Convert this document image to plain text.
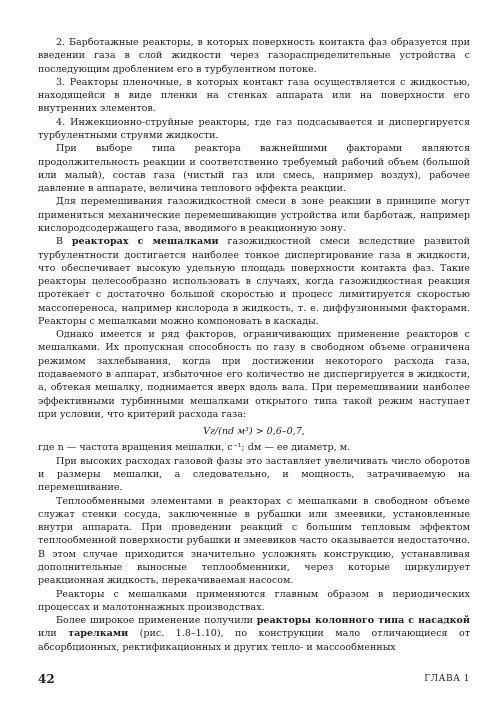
2. Барботажные реакторы, в которых поверхность контакта фаз образуется при введении газа в слой жидкости через газораспределительные устройства с последующим дроблением его в турбулентном потоке.

3. Реакторы пленочные, в которых контакт газа осуществляется с жидкостью, находящейся в виде пленки на стенках аппарата или на поверхности его внутренних элементов.

4. Инжекционно-струйные реакторы, где газ подсасывается и диспергируется турбулентными струями жидкости.

При выборе типа реактора важнейшими факторами являются продолжительность реакции и соответственно требуемый рабочий объем (большой или малый), состав газа (чистый газ или смесь, например воздух), рабочее давление в аппарате, величина теплового эффекта реакции.

Для перемешивания газожидкостной смеси в зоне реакции в принципе могут применяться механические перемешивающие устройства или барботаж, например кислородсодержащего газа, вводимого в реакционную зону.

В реакторах с мешалками газожидкостной смеси вследствие развитой турбулентности достигается наиболее тонкое диспергирование газа в жидкости, что обеспечивает высокую удельную площадь поверхности контакта фаз. Такие реакторы целесообразно использовать в случаях, когда газожидкостная реакция протекает с достаточно большой скоростью и процесс лимитируется скоростью массопереноса, например кислорода в жидкость, т. е. диффузионными факторами. Реакторы с мешалками можно компоновать в каскады.

Однако имеется и ряд факторов, ограничивающих применение реакторов с мешалками. Их пропускная способность по газу в свободном объеме ограничена режимом захлебывания, когда при достижении некоторого расхода газа, подаваемого в аппарат, избыточное его количество не диспергируется в жидкости, а, обтекая мешалку, поднимается вверх вдоль вала. При перемешивании наиболее эффективными турбинными мешалками открытого типа такой режим наступает при условии, что критерий расхода газа:

Vг/(nd м³) > 0,6–0,7,

где n — частота вращения мешалки, с⁻¹; dм — ее диаметр, м.

При высоких расходах газовой фазы это заставляет увеличивать число оборотов и размеры мешалки, а следовательно, и мощность, затрачиваемую на перемешивание.

Теплообменными элементами в реакторах с мешалками в свободном объеме служат стенки сосуда, заключенные в рубашки или змеевики, установленные внутри аппарата. При проведении реакций с большим тепловым эффектом теплообменной поверхности рубашки и змеевиков часто оказывается недостаточно. В этом случае приходится значительно усложнять конструкцию, устанавливая дополнительные выносные теплообменники, через которые циркулирует реакционная жидкость, перекачиваемая насосом.

Реакторы с мешалками применяются главным образом в периодических процессах и малотоннажных производствах.

Более широкое применение получили реакторы колонного типа с насадкой или тарелками (рис. 1.8–1.10), по конструкции мало отличающиеся от абсорбционных, ректификационных и других тепло- и массообменных

42	ГЛАВА 1
